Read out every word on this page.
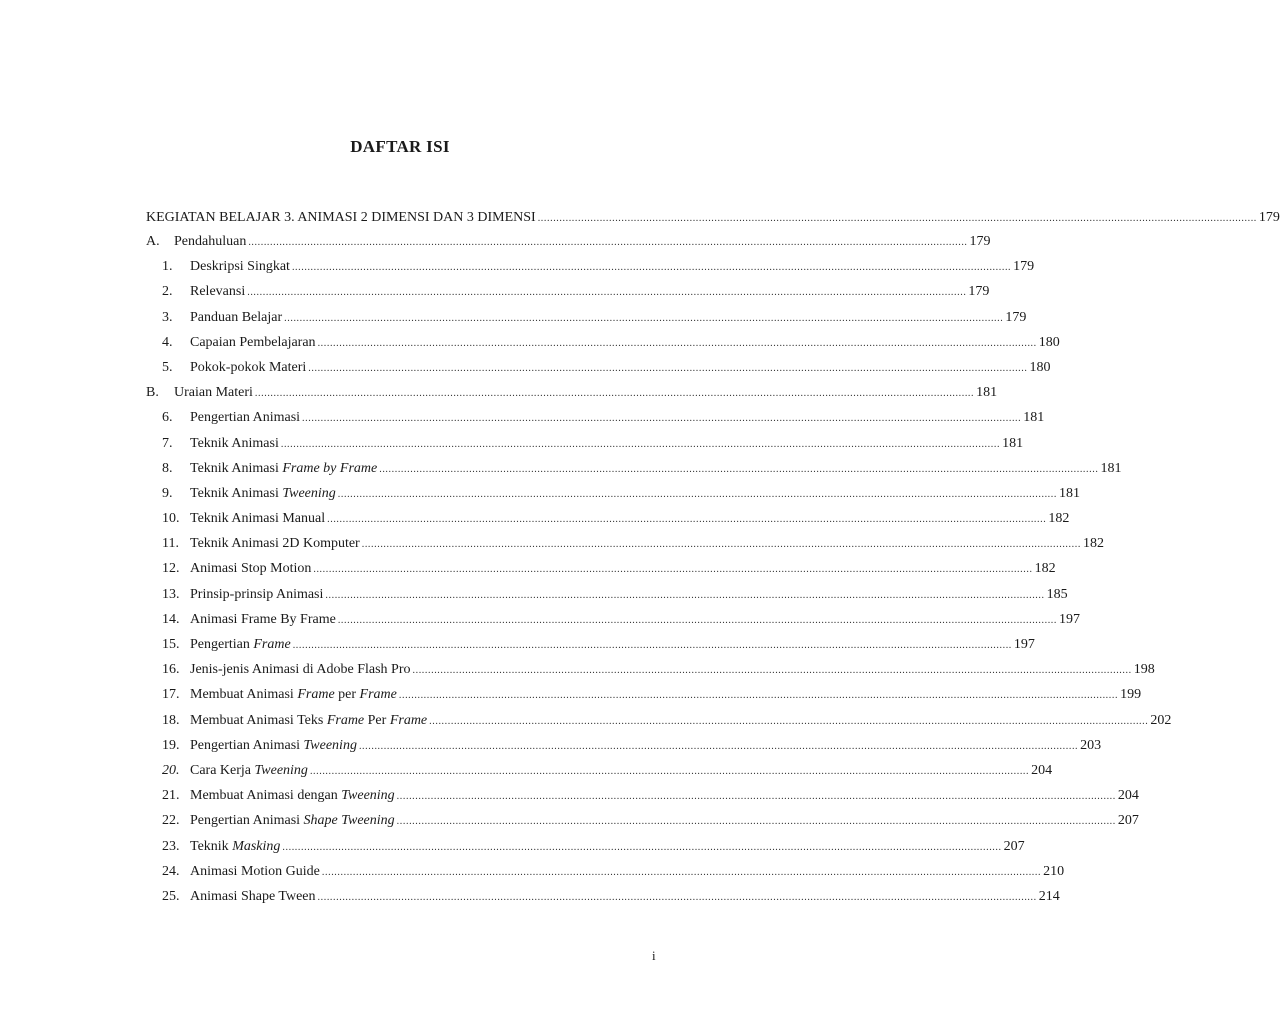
DAFTAR ISI
KEGIATAN BELAJAR 3. ANIMASI 2 DIMENSI DAN 3 DIMENSI .....	179
A.	Pendahuluan .....	179
1.	Deskripsi Singkat .....	179
2.	Relevansi .....	179
3.	Panduan Belajar .....	179
4.	Capaian Pembelajaran .....	180
5.	Pokok-pokok Materi .....	180
B.	Uraian Materi .....	181
6.	Pengertian Animasi .....	181
7.	Teknik Animasi .....	181
8.	Teknik Animasi Frame by Frame .....	181
9.	Teknik Animasi Tweening .....	181
10. Teknik Animasi Manual .....	182
11. Teknik Animasi 2D Komputer .....	182
12. Animasi Stop Motion .....	182
13. Prinsip-prinsip Animasi .....	185
14. Animasi Frame By Frame .....	197
15. Pengertian Frame .....	197
16. Jenis-jenis Animasi di Adobe Flash Pro .....	198
17. Membuat Animasi Frame per Frame .....	199
18. Membuat Animasi Teks Frame Per Frame .....	202
19. Pengertian Animasi Tweening .....	203
20. Cara Kerja Tweening .....	204
21. Membuat Animasi dengan Tweening .....	204
22. Pengertian Animasi Shape Tweening .....	207
23. Teknik Masking .....	207
24. Animasi Motion Guide .....	210
25. Animasi Shape Tween .....	214
i
